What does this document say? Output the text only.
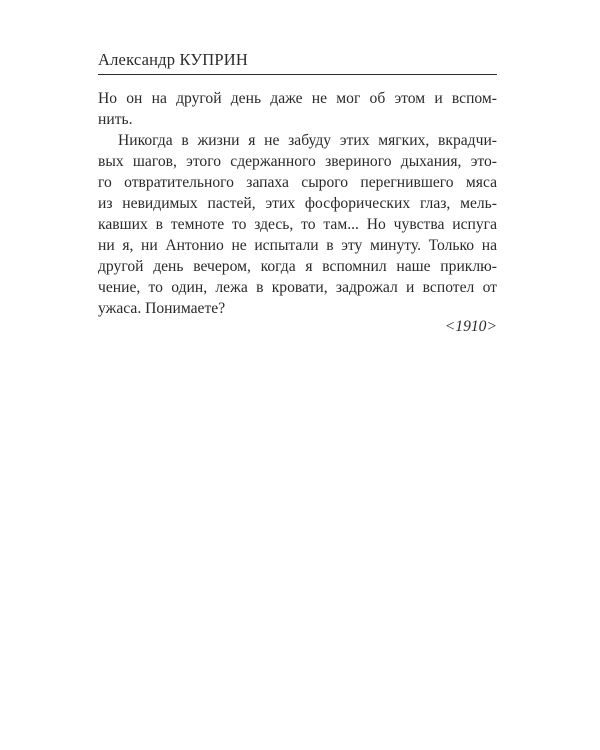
Александр КУПРИН
Но он на другой день даже не мог об этом и вспом-
нить.
Никогда в жизни я не забуду этих мягких, вкрадчи-
вых шагов, этого сдержанного звериного дыхания, это-
го отвратительного запаха сырого перегнившего мяса
из невидимых пастей, этих фосфорических глаз, мель-
кавших в темноте то здесь, то там... Но чувства испуга
ни я, ни Антонио не испытали в эту минуту. Только на
другой день вечером, когда я вспомнил наше приклю-
чение, то один, лежа в кровати, задрожал и вспотел от
ужаса. Понимаете?
<1910>
